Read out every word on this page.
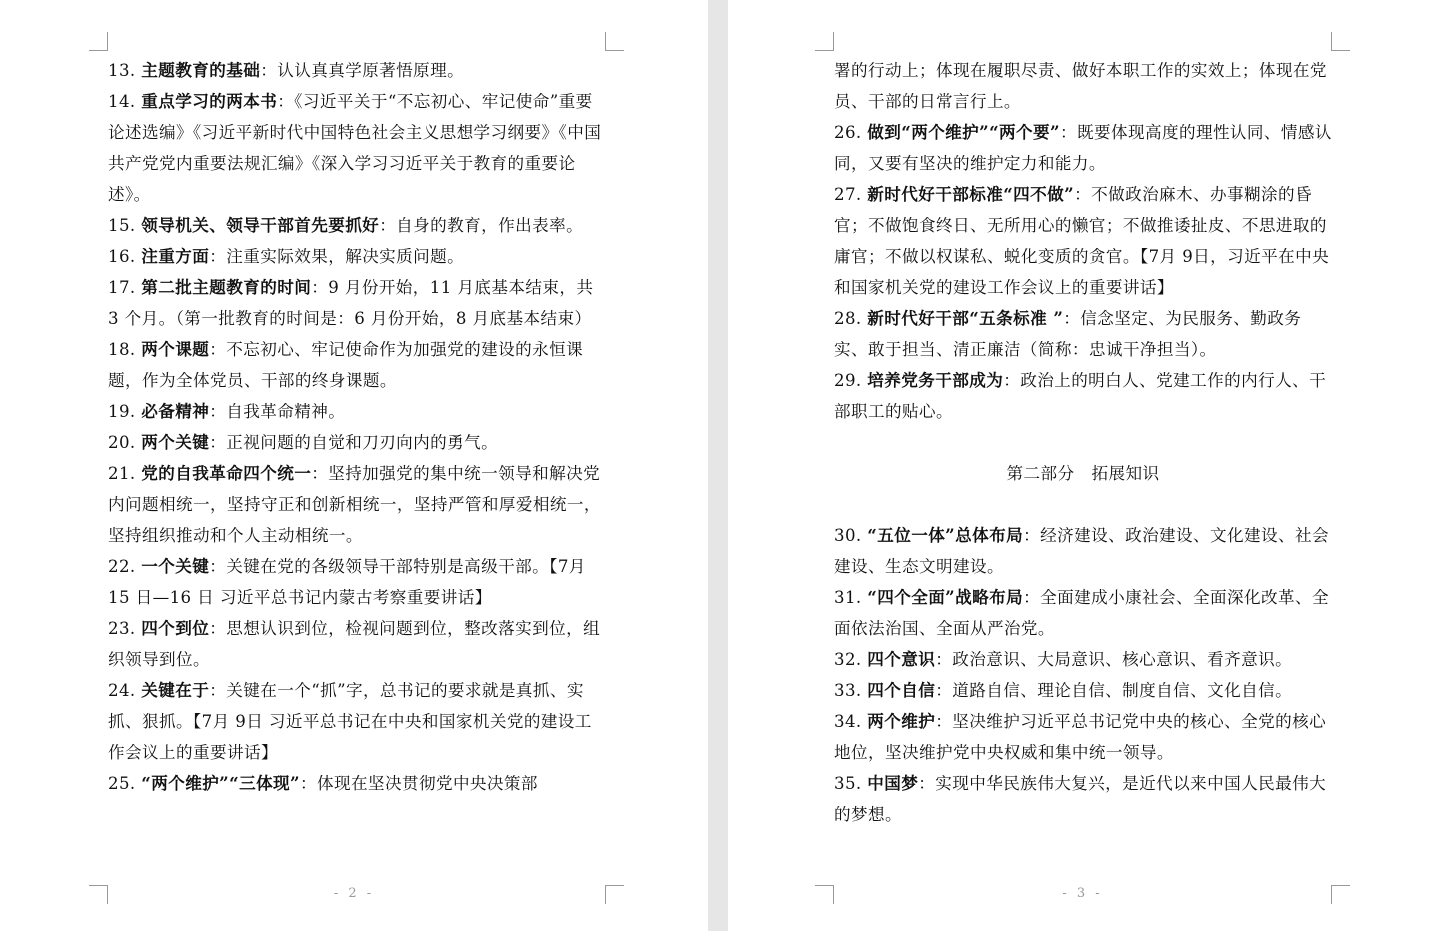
13. 主题教育的基础：认认真真学原著悟原理。

14. 重点学习的两本书：《习近平关于“不忘初心、牢记使命”重要论述选编》《习近平新时代中国特色社会主义思想学习纲要》《中国共产党党内重要法规汇编》《深入学习习近平关于教育的重要论述》。

15. 领导机关、领导干部首先要抓好：自身的教育，作出表率。

16. 注重方面：注重实际效果，解决实质问题。

17. 第二批主题教育的时间：9 月份开始，11 月底基本结束，共 3 个月。（第一批教育的时间是：6 月份开始，8 月底基本结束）

18. 两个课题：不忘初心、牢记使命作为加强党的建设的永恒课题，作为全体党员、干部的终身课题。

19. 必备精神：自我革命精神。

20. 两个关键：正视问题的自觉和刀刃向内的勇气。

21. 党的自我革命四个统一：坚持加强党的集中统一领导和解决党内问题相统一，坚持守正和创新相统一，坚持严管和厚爱相统一，坚持组织推动和个人主动相统一。

22. 一个关键：关键在党的各级领导干部特别是高级干部。【7月 15 日—16 日 习近平总书记内蒙古考察重要讲话】

23. 四个到位：思想认识到位，检视问题到位，整改落实到位，组织领导到位。

24. 关键在于：关键在一个“抓”字，总书记的要求就是真抓、实抓、狠抓。【7月 9日 习近平总书记在中央和国家机关党的建设工作会议上的重要讲话】

25. “两个维护”“三体现”：体现在坚决贯彻党中央决策部

- 2 -

署的行动上；体现在履职尽责、做好本职工作的实效上；体现在党员、干部的日常言行上。

26. 做到“两个维护”“两个要”：既要体现高度的理性认同、情感认同，又要有坚决的维护定力和能力。

27. 新时代好干部标准“四不做”：不做政治麻木、办事糊涂的昏官；不做饱食终日、无所用心的懒官；不做推诿扯皮、不思进取的庸官；不做以权谋私、蜕化变质的贪官。【7月 9日，习近平在中央和国家机关党的建设工作会议上的重要讲话】

28. 新时代好干部“五条标准 ”：信念坚定、为民服务、勤政务实、敢于担当、清正廉洁（简称：忠诚干净担当）。

29. 培养党务干部成为：政治上的明白人、党建工作的内行人、干部职工的贴心。

第二部分　拓展知识

30. “五位一体”总体布局：经济建设、政治建设、文化建设、社会建设、生态文明建设。

31. “四个全面”战略布局：全面建成小康社会、全面深化改革、全面依法治国、全面从严治党。

32. 四个意识：政治意识、大局意识、核心意识、看齐意识。

33. 四个自信：道路自信、理论自信、制度自信、文化自信。

34. 两个维护：坚决维护习近平总书记党中央的核心、全党的核心地位，坚决维护党中央权威和集中统一领导。

35. 中国梦：实现中华民族伟大复兴，是近代以来中国人民最伟大的梦想。

- 3 -
